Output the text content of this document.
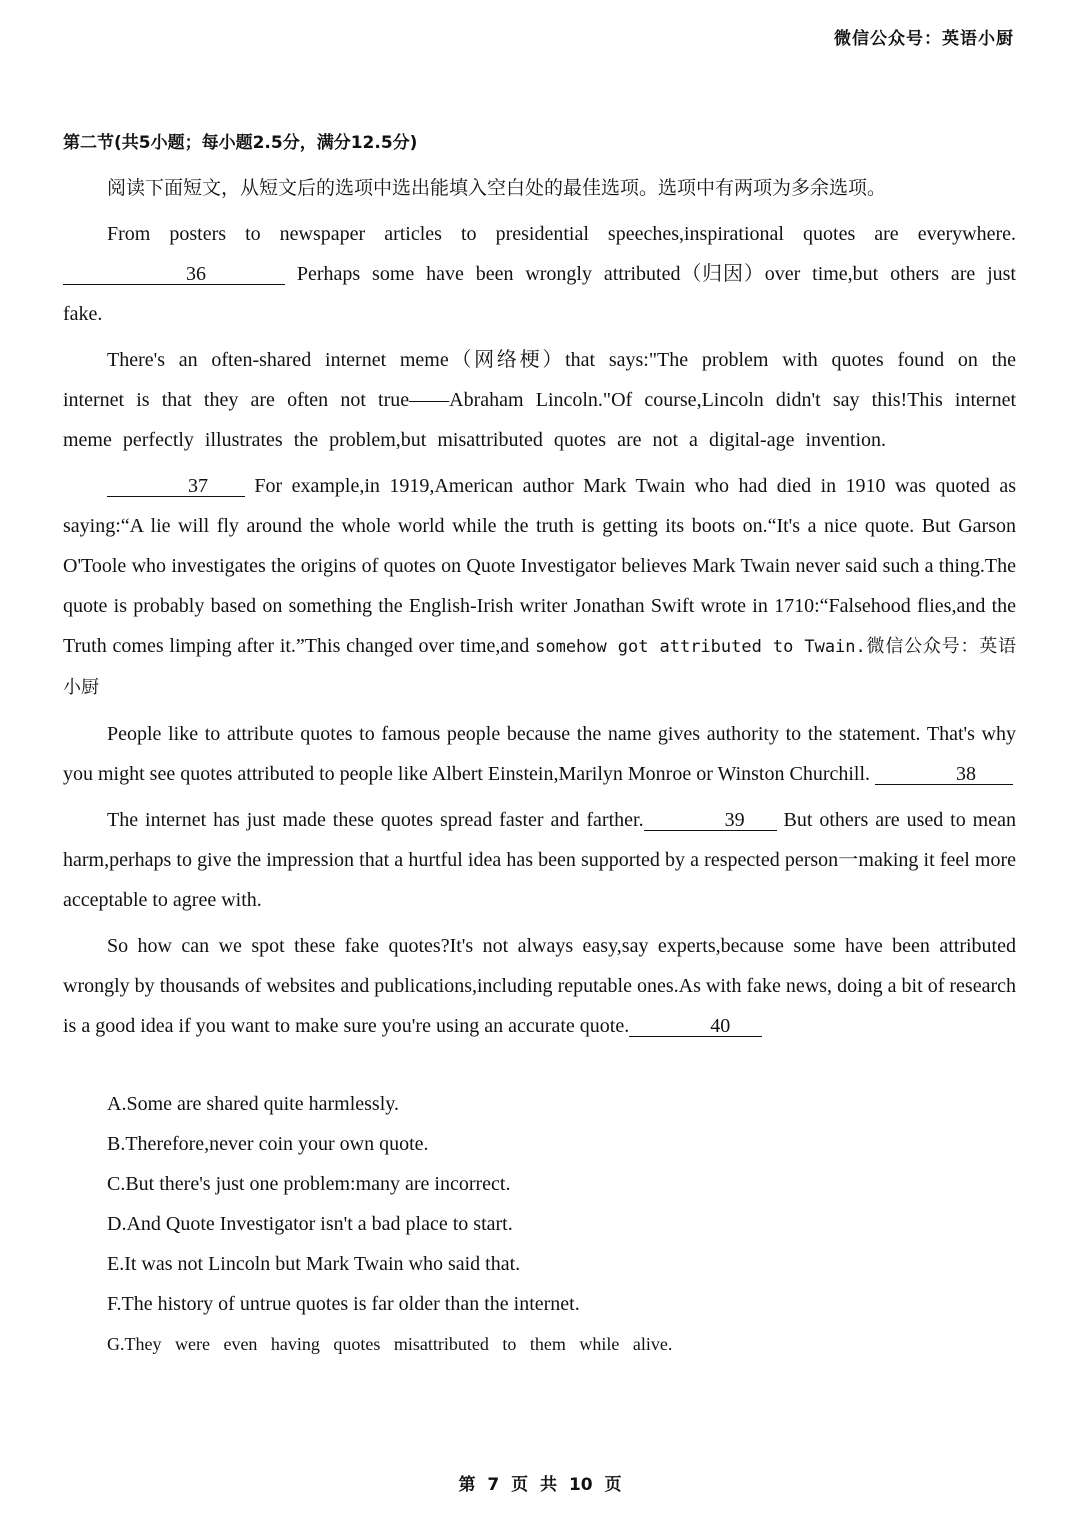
微信公众号：英语小厨
第二节(共5小题；每小题2.5分，满分12.5分)

阅读下面短文，从短文后的选项中选出能填入空白处的最佳选项。选项中有两项为多余选项。

From posters to newspaper articles to presidential speeches,inspirational quotes are everywhere.        36	Perhaps some have been wrongly attributed（归因）over time,but others are just fake.

There's an often-shared internet meme（网络梗）that says:"The problem with quotes found on the internet is that they are often not true——Abraham Lincoln."Of course,Lincoln didn't say this!This internet meme perfectly illustrates the problem,but misattributed quotes are not a digital-age invention.

37 For example,in 1919,American author Mark Twain who had died in 1910 was quoted as saying:“A lie will fly around the whole world while the truth is getting its boots on.“It's a nice quote. But Garson O'Toole who investigates the origins of quotes on Quote Investigator believes Mark Twain never said such a thing.The quote is probably based on something the English-Irish writer Jonathan Swift wrote in 1710:“Falsehood flies,and the Truth comes limping after it.”This changed over time,and somehow got attributed to Twain.微信公众号：英语小厨

People like to attribute quotes to famous people because the name gives authority to the statement. That's why you might see quotes attributed to people like Albert Einstein,Marilyn Monroe or Winston Churchill.	38

The internet has just made these quotes spread faster and farther.	39 But others are used to mean harm,perhaps to give the impression that a hurtful idea has been supported by a respected person一making it feel more acceptable to agree with.

So how can we spot these fake quotes?It's not always easy,say experts,because some have been attributed wrongly by thousands of websites and publications,including reputable ones.As with fake news, doing a bit of research is a good idea if you want to make sure you're using an accurate quote.	40

A.Some are shared quite harmlessly.
B.Therefore,never coin your own quote.
C.But there's just one problem:many are incorrect.
D.And Quote Investigator isn't a bad place to start.
E.It was not Lincoln but Mark Twain who said that.
F.The history of untrue quotes is far older than the internet.
G.They were even having quotes misattributed to them while alive.
第 7 页 共 10 页
